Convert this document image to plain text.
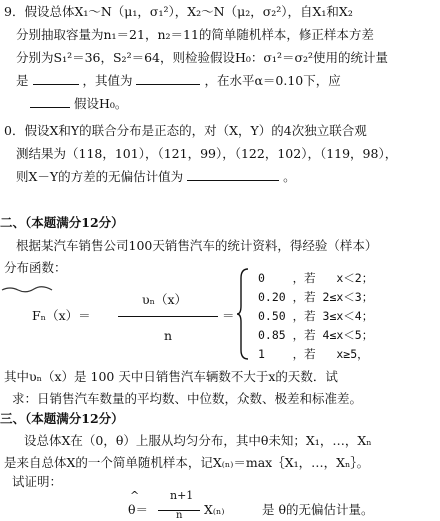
9．假设总体X₁～N（μ₁，σ₁²），X₂～N（μ₂，σ₂²），自X₁和X₂
分别抽取容量为n₁＝21，n₂＝11的简单随机样本，修正样本方差
分别为S₁²＝36，S₂²＝64，则检验假设H₀：σ₁²＝σ₂²使用的统计量
是	，其值为	，在水平α＝0.10下，应
假设H₀。
0．假设X和Y的联合分布是正态的，对（X，Y）的4次独立联合观
测结果为（118，101），（121，99），（122，102），（119，98），
则X－Y的方差的无偏估计值为	。
二、（本题满分12分）
根据某汽车销售公司100天销售汽车的统计资料，得经验（样本）
分布函数：
υₙ（x）
Fₙ（x）＝	＝
n
0    ，若   x＜2；
0.20 ，若 2≤x＜3；
0.50 ，若 3≤x＜4；
0.85 ，若 4≤x＜5；
1    ，若   x≥5，
其中υₙ（x）是 100 天中日销售汽车辆数不大于x的天数．试
求：日销售汽车数量的平均数、中位数，众数、极差和标准差。
三、（本题满分12分）
设总体X在（0，θ）上服从均匀分布，其中θ未知；X₁，…，Xₙ
是来自总体X的一个简单随机样本，记X₍ₙ₎＝max｛X₁，…，Xₙ｝。
试证明：
^	n+1
θ＝	X₍ₙ₎	是 θ的无偏估计量。
n
